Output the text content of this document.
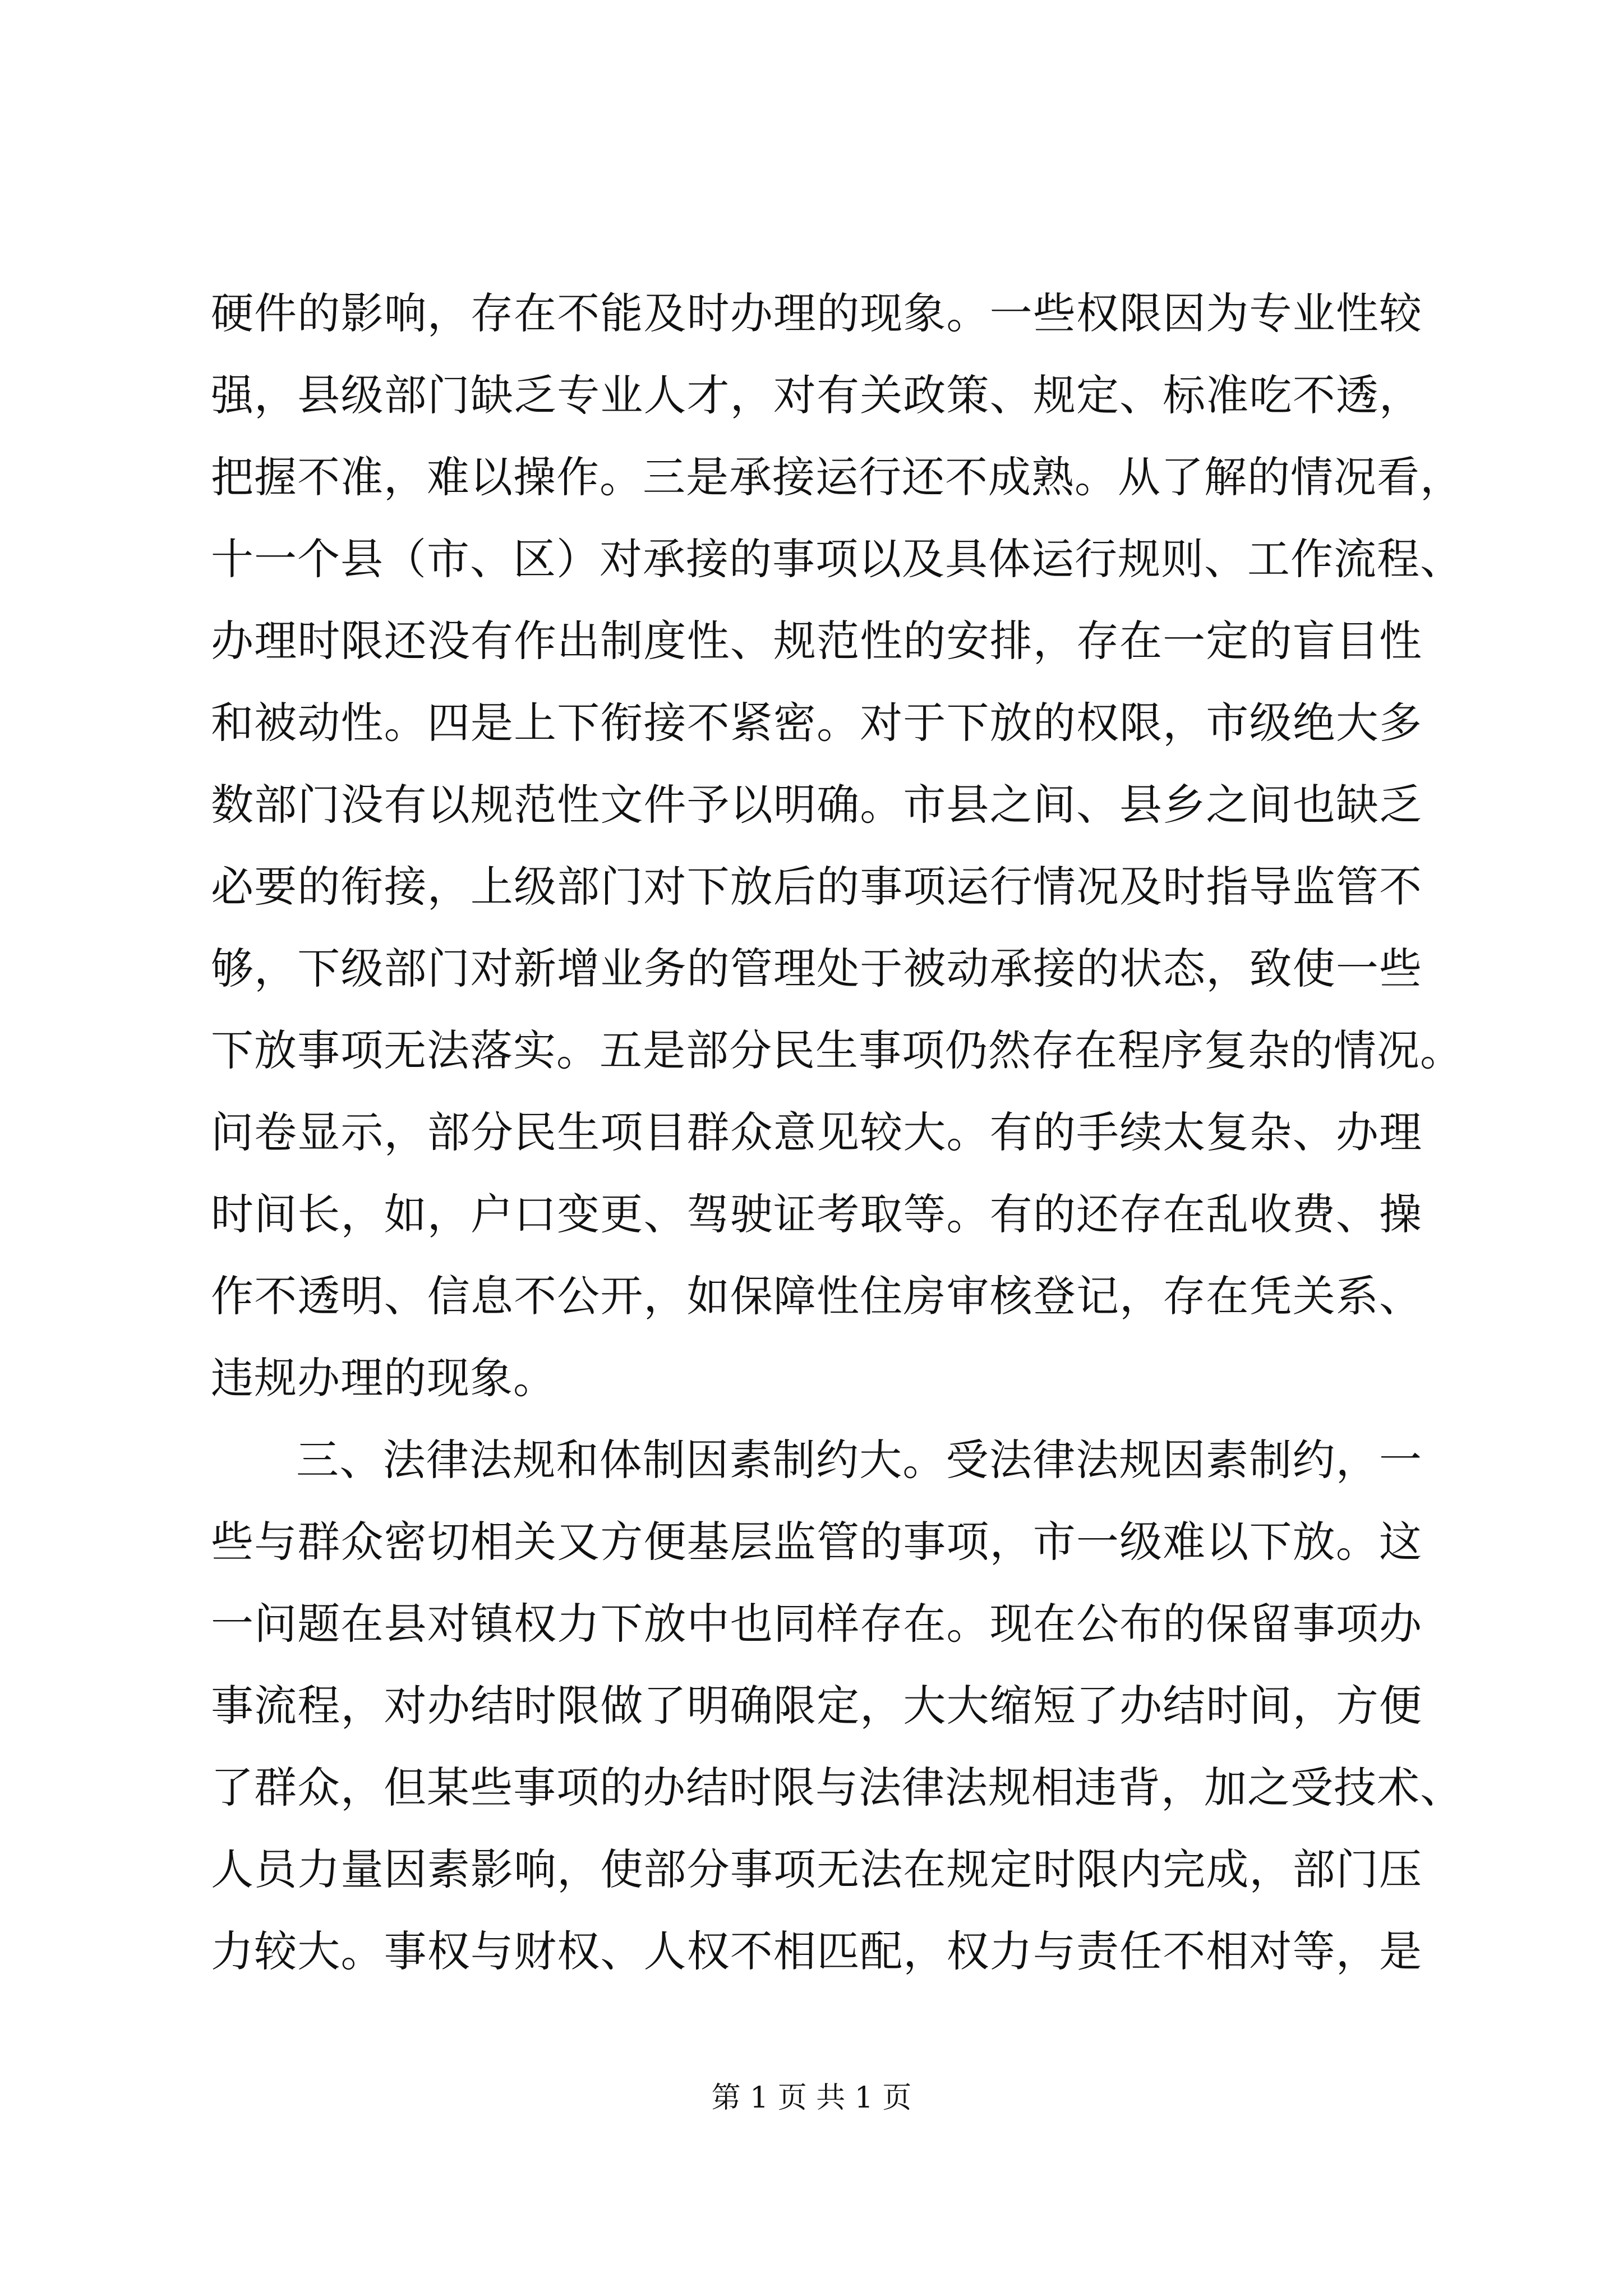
硬件的影响，存在不能及时办理的现象。一些权限因为专业性较
强，县级部门缺乏专业人才，对有关政策、规定、标准吃不透，
把握不准，难以操作。三是承接运行还不成熟。从了解的情况看，
十一个县（市、区）对承接的事项以及具体运行规则、工作流程、
办理时限还没有作出制度性、规范性的安排，存在一定的盲目性
和被动性。四是上下衔接不紧密。对于下放的权限，市级绝大多
数部门没有以规范性文件予以明确。市县之间、县乡之间也缺乏
必要的衔接，上级部门对下放后的事项运行情况及时指导监管不
够，下级部门对新增业务的管理处于被动承接的状态，致使一些
下放事项无法落实。五是部分民生事项仍然存在程序复杂的情况。
问卷显示，部分民生项目群众意见较大。有的手续太复杂、办理
时间长，如，户口变更、驾驶证考取等。有的还存在乱收费、操
作不透明、信息不公开，如保障性住房审核登记，存在凭关系、
违规办理的现象。
三、法律法规和体制因素制约大。受法律法规因素制约，一
些与群众密切相关又方便基层监管的事项，市一级难以下放。这
一问题在县对镇权力下放中也同样存在。现在公布的保留事项办
事流程，对办结时限做了明确限定，大大缩短了办结时间，方便
了群众，但某些事项的办结时限与法律法规相违背，加之受技术、
人员力量因素影响，使部分事项无法在规定时限内完成，部门压
力较大。事权与财权、人权不相匹配，权力与责任不相对等，是
第 1 页 共 1 页
